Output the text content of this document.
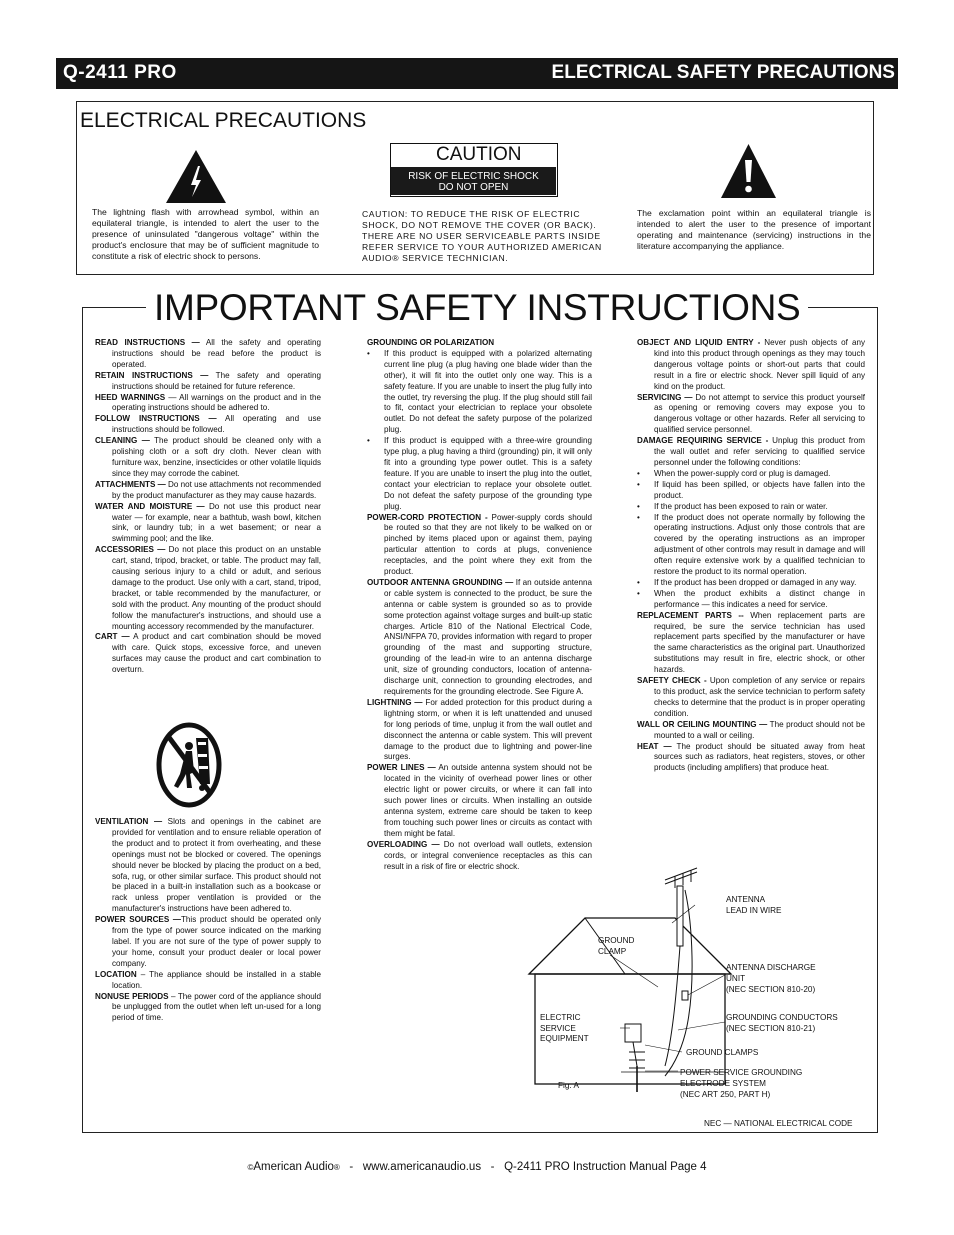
Q-2411 PRO	ELECTRICAL SAFETY PRECAUTIONS
ELECTRICAL PRECAUTIONS
The lightning flash with arrowhead symbol, within an equilateral triangle, is intended to alert the user to the presence of uninsulated "dangerous voltage" within the product's enclosure that may be of sufficient magnitude to constitute a risk of electric shock to persons.
CAUTION
RISK OF ELECTRIC SHOCK
DO NOT OPEN
CAUTION: TO REDUCE THE RISK OF ELECTRIC SHOCK, DO NOT REMOVE THE COVER (OR BACK). THERE ARE NO USER SERVICEABLE PARTS INSIDE REFER SERVICE TO YOUR AUTHORIZED AMERICAN AUDIO® SERVICE TECHNICIAN.
The exclamation point within an equilateral triangle is intended to alert the user to the presence of important operating and maintenance (servicing) instructions in the literature accompanying the appliance.
IMPORTANT SAFETY INSTRUCTIONS

READ INSTRUCTIONS — All the safety and operating instructions should be read before the product is operated.

RETAIN INSTRUCTIONS — The safety and operating instructions should be retained for future reference.

HEED WARNINGS — All warnings on the product and in the operating instructions should be adhered to.

FOLLOW INSTRUCTIONS — All operating and use instructions should be followed.

CLEANING — The product should be cleaned only with a polishing cloth or a soft dry cloth. Never clean with furniture wax, benzine, insecticides or other volatile liquids since they may corrode the cabinet.

ATTACHMENTS — Do not use attachments not recommended by the product manufacturer as they may cause hazards.

WATER AND MOISTURE — Do not use this product near water — for example, near a bathtub, wash bowl, kitchen sink, or laundry tub; in a wet basement; or near a swimming pool; and the like.

ACCESSORIES — Do not place this product on an unstable cart, stand, tripod, bracket, or table. The product may fall, causing serious injury to a child or adult, and serious damage to the product. Use only with a cart, stand, tripod, bracket, or table recommended by the manufacturer, or sold with the product. Any mounting of the product should follow the manufacturer's instructions, and should use a mounting accessory recommended by the manufacturer.

CART — A product and cart combination should be moved with care. Quick stops, excessive force, and uneven surfaces may cause the product and cart combination to overturn.

VENTILATION — Slots and openings in the cabinet are provided for ventilation and to ensure reliable operation of the product and to protect it from overheating, and these openings must not be blocked or covered. The openings should never be blocked by placing the product on a bed, sofa, rug, or other similar surface. This product should not be placed in a built-in installation such as a bookcase or rack unless proper ventilation is provided or the manufacturer's instructions have been adhered to.

POWER SOURCES —This product should be operated only from the type of power source indicated on the marking label. If you are not sure of the type of power supply to your home, consult your product dealer or local power company.

LOCATION – The appliance should be installed in a stable location.

NONUSE PERIODS – The power cord of the appliance should be unplugged from the outlet when left un-used for a long period of time.

GROUNDING OR POLARIZATION

• If this product is equipped with a polarized alternating current line plug (a plug having one blade wider than the other), it will fit into the outlet only one way. This is a safety feature. If you are unable to insert the plug fully into the outlet, try reversing the plug. If the plug should still fail to fit, contact your electrician to replace your obsolete outlet. Do not defeat the safety purpose of the polarized plug.

• If this product is equipped with a three-wire grounding type plug, a plug having a third (grounding) pin, it will only fit into a grounding type power outlet. This is a safety feature. If you are unable to insert the plug into the outlet, contact your electrician to replace your obsolete outlet. Do not defeat the safety purpose of the grounding type plug.

POWER-CORD PROTECTION - Power-supply cords should be routed so that they are not likely to be walked on or pinched by items placed upon or against them, paying particular attention to cords at plugs, convenience receptacles, and the point where they exit from the product.

OUTDOOR ANTENNA GROUNDING — If an outside antenna or cable system is connected to the product, be sure the antenna or cable system is grounded so as to provide some protection against voltage surges and built-up static charges. Article 810 of the National Electrical Code, ANSI/NFPA 70, provides information with regard to proper grounding of the mast and supporting structure, grounding of the lead-in wire to an antenna discharge unit, size of grounding conductors, location of antenna-discharge unit, connection to grounding electrodes, and requirements for the grounding electrode. See Figure A.

LIGHTNING — For added protection for this product during a lightning storm, or when it is left unattended and unused for long periods of time, unplug it from the wall outlet and disconnect the antenna or cable system. This will prevent damage to the product due to lightning and power-line surges.

POWER LINES — An outside antenna system should not be located in the vicinity of overhead power lines or other electric light or power circuits, or where it can fall into such power lines or circuits. When installing an outside antenna system, extreme care should be taken to keep from touching such power lines or circuits as contact with them might be fatal.

OVERLOADING — Do not overload wall outlets, extension cords, or integral convenience receptacles as this can result in a risk of fire or electric shock.

OBJECT AND LIQUID ENTRY - Never push objects of any kind into this product through openings as they may touch dangerous voltage points or short-out parts that could result in a fire or electric shock. Never spill liquid of any kind on the product.

SERVICING — Do not attempt to service this product yourself as opening or removing covers may expose you to dangerous voltage or other hazards. Refer all servicing to qualified service personnel.

DAMAGE REQUIRING SERVICE - Unplug this product from the wall outlet and refer servicing to qualified service personnel under the following conditions:

• When the power-supply cord or plug is damaged.

• If liquid has been spilled, or objects have fallen into the product.

• If the product has been exposed to rain or water.

• If the product does not operate normally by following the operating instructions. Adjust only those controls that are covered by the operating instructions as an improper adjustment of other controls may result in damage and will often require extensive work by a qualified technician to restore the product to its normal operation.

• If the product has been dropped or damaged in any way.

• When the product exhibits a distinct change in performance — this indicates a need for service.

REPLACEMENT PARTS -- When replacement parts are required, be sure the service technician has used replacement parts specified by the manufacturer or have the same characteristics as the original part. Unauthorized substitutions may result in fire, electric shock, or other hazards.

SAFETY CHECK - Upon completion of any service or repairs to this product, ask the service technician to perform safety checks to determine that the product is in proper operating condition.

WALL OR CEILING MOUNTING — The product should not be mounted to a wall or ceiling.

HEAT — The product should be situated away from heat sources such as radiators, heat registers, stoves, or other products (including amplifiers) that produce heat.

ANTENNA LEAD IN WIRE
GROUND CLAMP
ANTENNA DISCHARGE UNIT
(NEC SECTION 810-20)
ELECTRIC SERVICE EQUIPMENT
GROUNDING CONDUCTORS
(NEC SECTION 810-21)
GROUND CLAMPS
POWER SERVICE GROUNDING ELECTRODE SYSTEM
(NEC ART 250, PART H)
Fig. A
NEC — NATIONAL ELECTRICAL CODE
©American Audio®   -   www.americanaudio.us   -   Q-2411 PRO Instruction Manual Page 4
